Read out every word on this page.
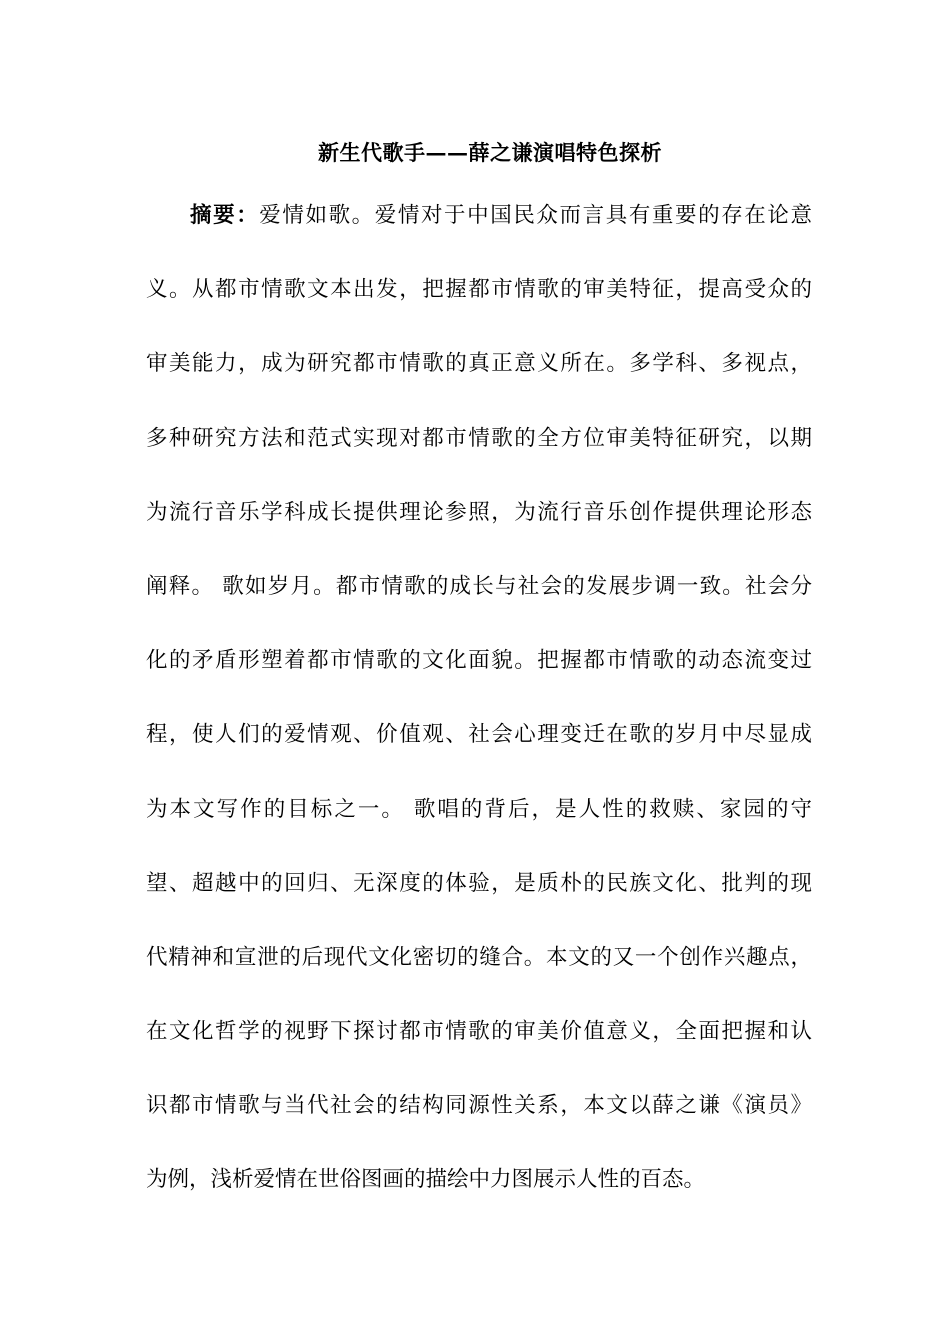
新生代歌手——薛之谦演唱特色探析
摘要：爱情如歌。爱情对于中国民众而言具有重要的存在论意
义。从都市情歌文本出发，把握都市情歌的审美特征，提高受众的
审美能力，成为研究都市情歌的真正意义所在。多学科、多视点，
多种研究方法和范式实现对都市情歌的全方位审美特征研究，以期
为流行音乐学科成长提供理论参照，为流行音乐创作提供理论形态
阐释。 歌如岁月。都市情歌的成长与社会的发展步调一致。社会分
化的矛盾形塑着都市情歌的文化面貌。把握都市情歌的动态流变过
程，使人们的爱情观、价值观、社会心理变迁在歌的岁月中尽显成
为本文写作的目标之一。 歌唱的背后，是人性的救赎、家园的守
望、超越中的回归、无深度的体验，是质朴的民族文化、批判的现
代精神和宣泄的后现代文化密切的缝合。本文的又一个创作兴趣点，
在文化哲学的视野下探讨都市情歌的审美价值意义，全面把握和认
识都市情歌与当代社会的结构同源性关系，本文以薛之谦《演员》
为例，浅析爱情在世俗图画的描绘中力图展示人性的百态。
